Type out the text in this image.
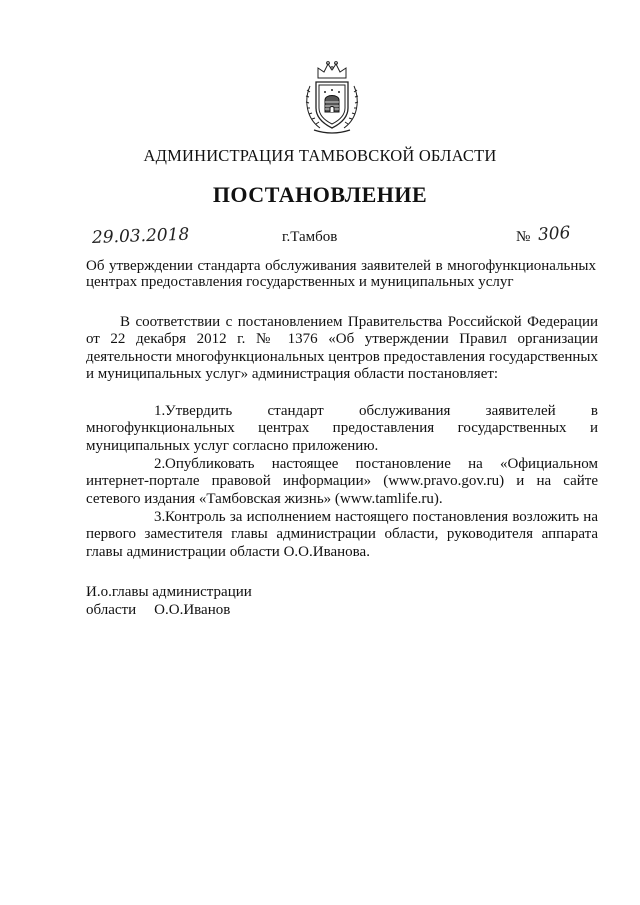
АДМИНИСТРАЦИЯ ТАМБОВСКОЙ ОБЛАСТИ
ПОСТАНОВЛЕНИЕ
29.03.2018	г.Тамбов	№ 306
Об утверждении стандарта обслуживания заявителей в многофункциональных центрах предоставления государственных и муниципальных услуг

В соответствии с постановлением Правительства Российской Федерации от 22 декабря 2012 г. № 1376 «Об утверждении Правил организации деятельности многофункциональных центров предоставления государственных и муниципальных услуг» администрация области постановляет:

1.Утвердить стандарт обслуживания заявителей в многофункциональных центрах предоставления государственных и муниципальных услуг согласно приложению.

2.Опубликовать настоящее постановление на «Официальном интернет-портале правовой информации» (www.pravo.gov.ru) и на сайте сетевого издания «Тамбовская жизнь» (www.tamlife.ru).

3.Контроль за исполнением настоящего постановления возложить на первого заместителя главы администрации области, руководителя аппарата главы администрации области О.О.Иванова.

И.о.главы администрации
области О.О.Иванов
